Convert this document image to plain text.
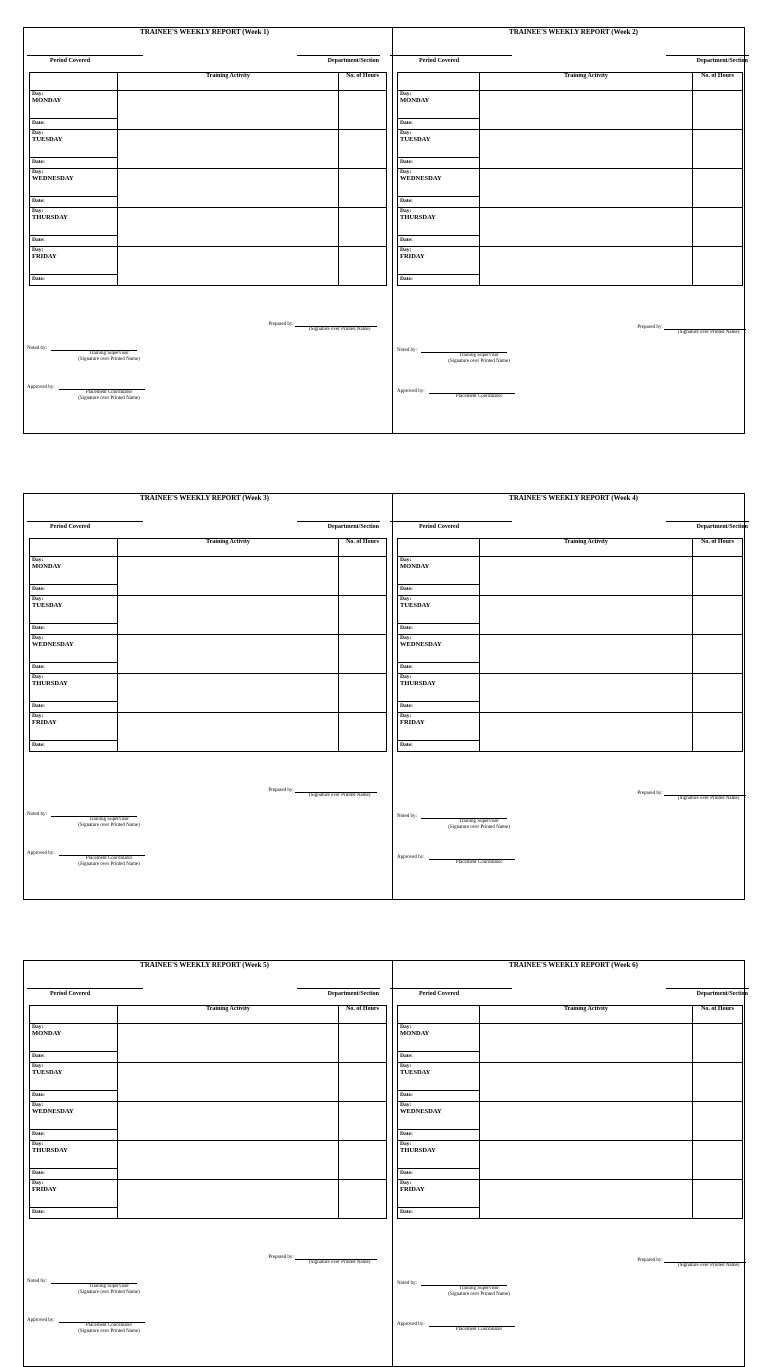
TRAINEE'S WEEKLY REPORT (Week 1)
Period Covered	Department/Section
	Training Activity	No. of Hours

Day:
MONDAY		

Date:		

Day:
TUESDAY		

Date:		

Day:
WEDNESDAY		

Date:		

Day:
THURSDAY		

Date:		

Day:
FRIDAY		

Date:		
Prepared by:
(Signature over Printed Name)
Noted by:
Training Supervisor
(Signature over Printed Name)
Approved by:
Placement Coordinator
(Signature over Printed Name)
TRAINEE'S WEEKLY REPORT (Week 2)
Period Covered	Department/Section
	Training Activity	No. of Hours

Day:
MONDAY		

Date:		

Day:
TUESDAY		

Date:		

Day:
WEDNESDAY		

Date:		

Day:
THURSDAY		

Date:		

Day:
FRIDAY		

Date:		
Prepared by:
(Signature over Printed Name)
Noted by:
Training Supervisor
(Signature over Printed Name)
Approved by:
Placement Coordinator
TRAINEE'S WEEKLY REPORT (Week 3)
Period Covered	Department/Section
	Training Activity	No. of Hours

Day:
MONDAY		

Date:		

Day:
TUESDAY		

Date:		

Day:
WEDNESDAY		

Date:		

Day:
THURSDAY		

Date:		

Day:
FRIDAY		

Date:		
Prepared by:
(Signature over Printed Name)
Noted by:
Training Supervisor
(Signature over Printed Name)
Approved by:
Placement Coordinator
(Signature over Printed Name)
TRAINEE'S WEEKLY REPORT (Week 4)
Period Covered	Department/Section
	Training Activity	No. of Hours

Day:
MONDAY		

Date:		

Day:
TUESDAY		

Date:		

Day:
WEDNESDAY		

Date:		

Day:
THURSDAY		

Date:		

Day:
FRIDAY		

Date:		
Prepared by:
(Signature over Printed Name)
Noted by:
Training Supervisor
(Signature over Printed Name)
Approved by:
Placement Coordinator
TRAINEE'S WEEKLY REPORT (Week 5)
Period Covered	Department/Section
	Training Activity	No. of Hours

Day:
MONDAY		

Date:		

Day:
TUESDAY		

Date:		

Day:
WEDNESDAY		

Date:		

Day:
THURSDAY		

Date:		

Day:
FRIDAY		

Date:		
Prepared by:
(Signature over Printed Name)
Noted by:
Training Supervisor
(Signature over Printed Name)
Approved by:
Placement Coordinator
(Signature over Printed Name)
TRAINEE'S WEEKLY REPORT (Week 6)
Period Covered	Department/Section
	Training Activity	No. of Hours

Day:
MONDAY		

Date:		

Day:
TUESDAY		

Date:		

Day:
WEDNESDAY		

Date:		

Day:
THURSDAY		

Date:		

Day:
FRIDAY		

Date:		
Prepared by:
(Signature over Printed Name)
Noted by:
Training Supervisor
(Signature over Printed Name)
Approved by:
Placement Coordinator
